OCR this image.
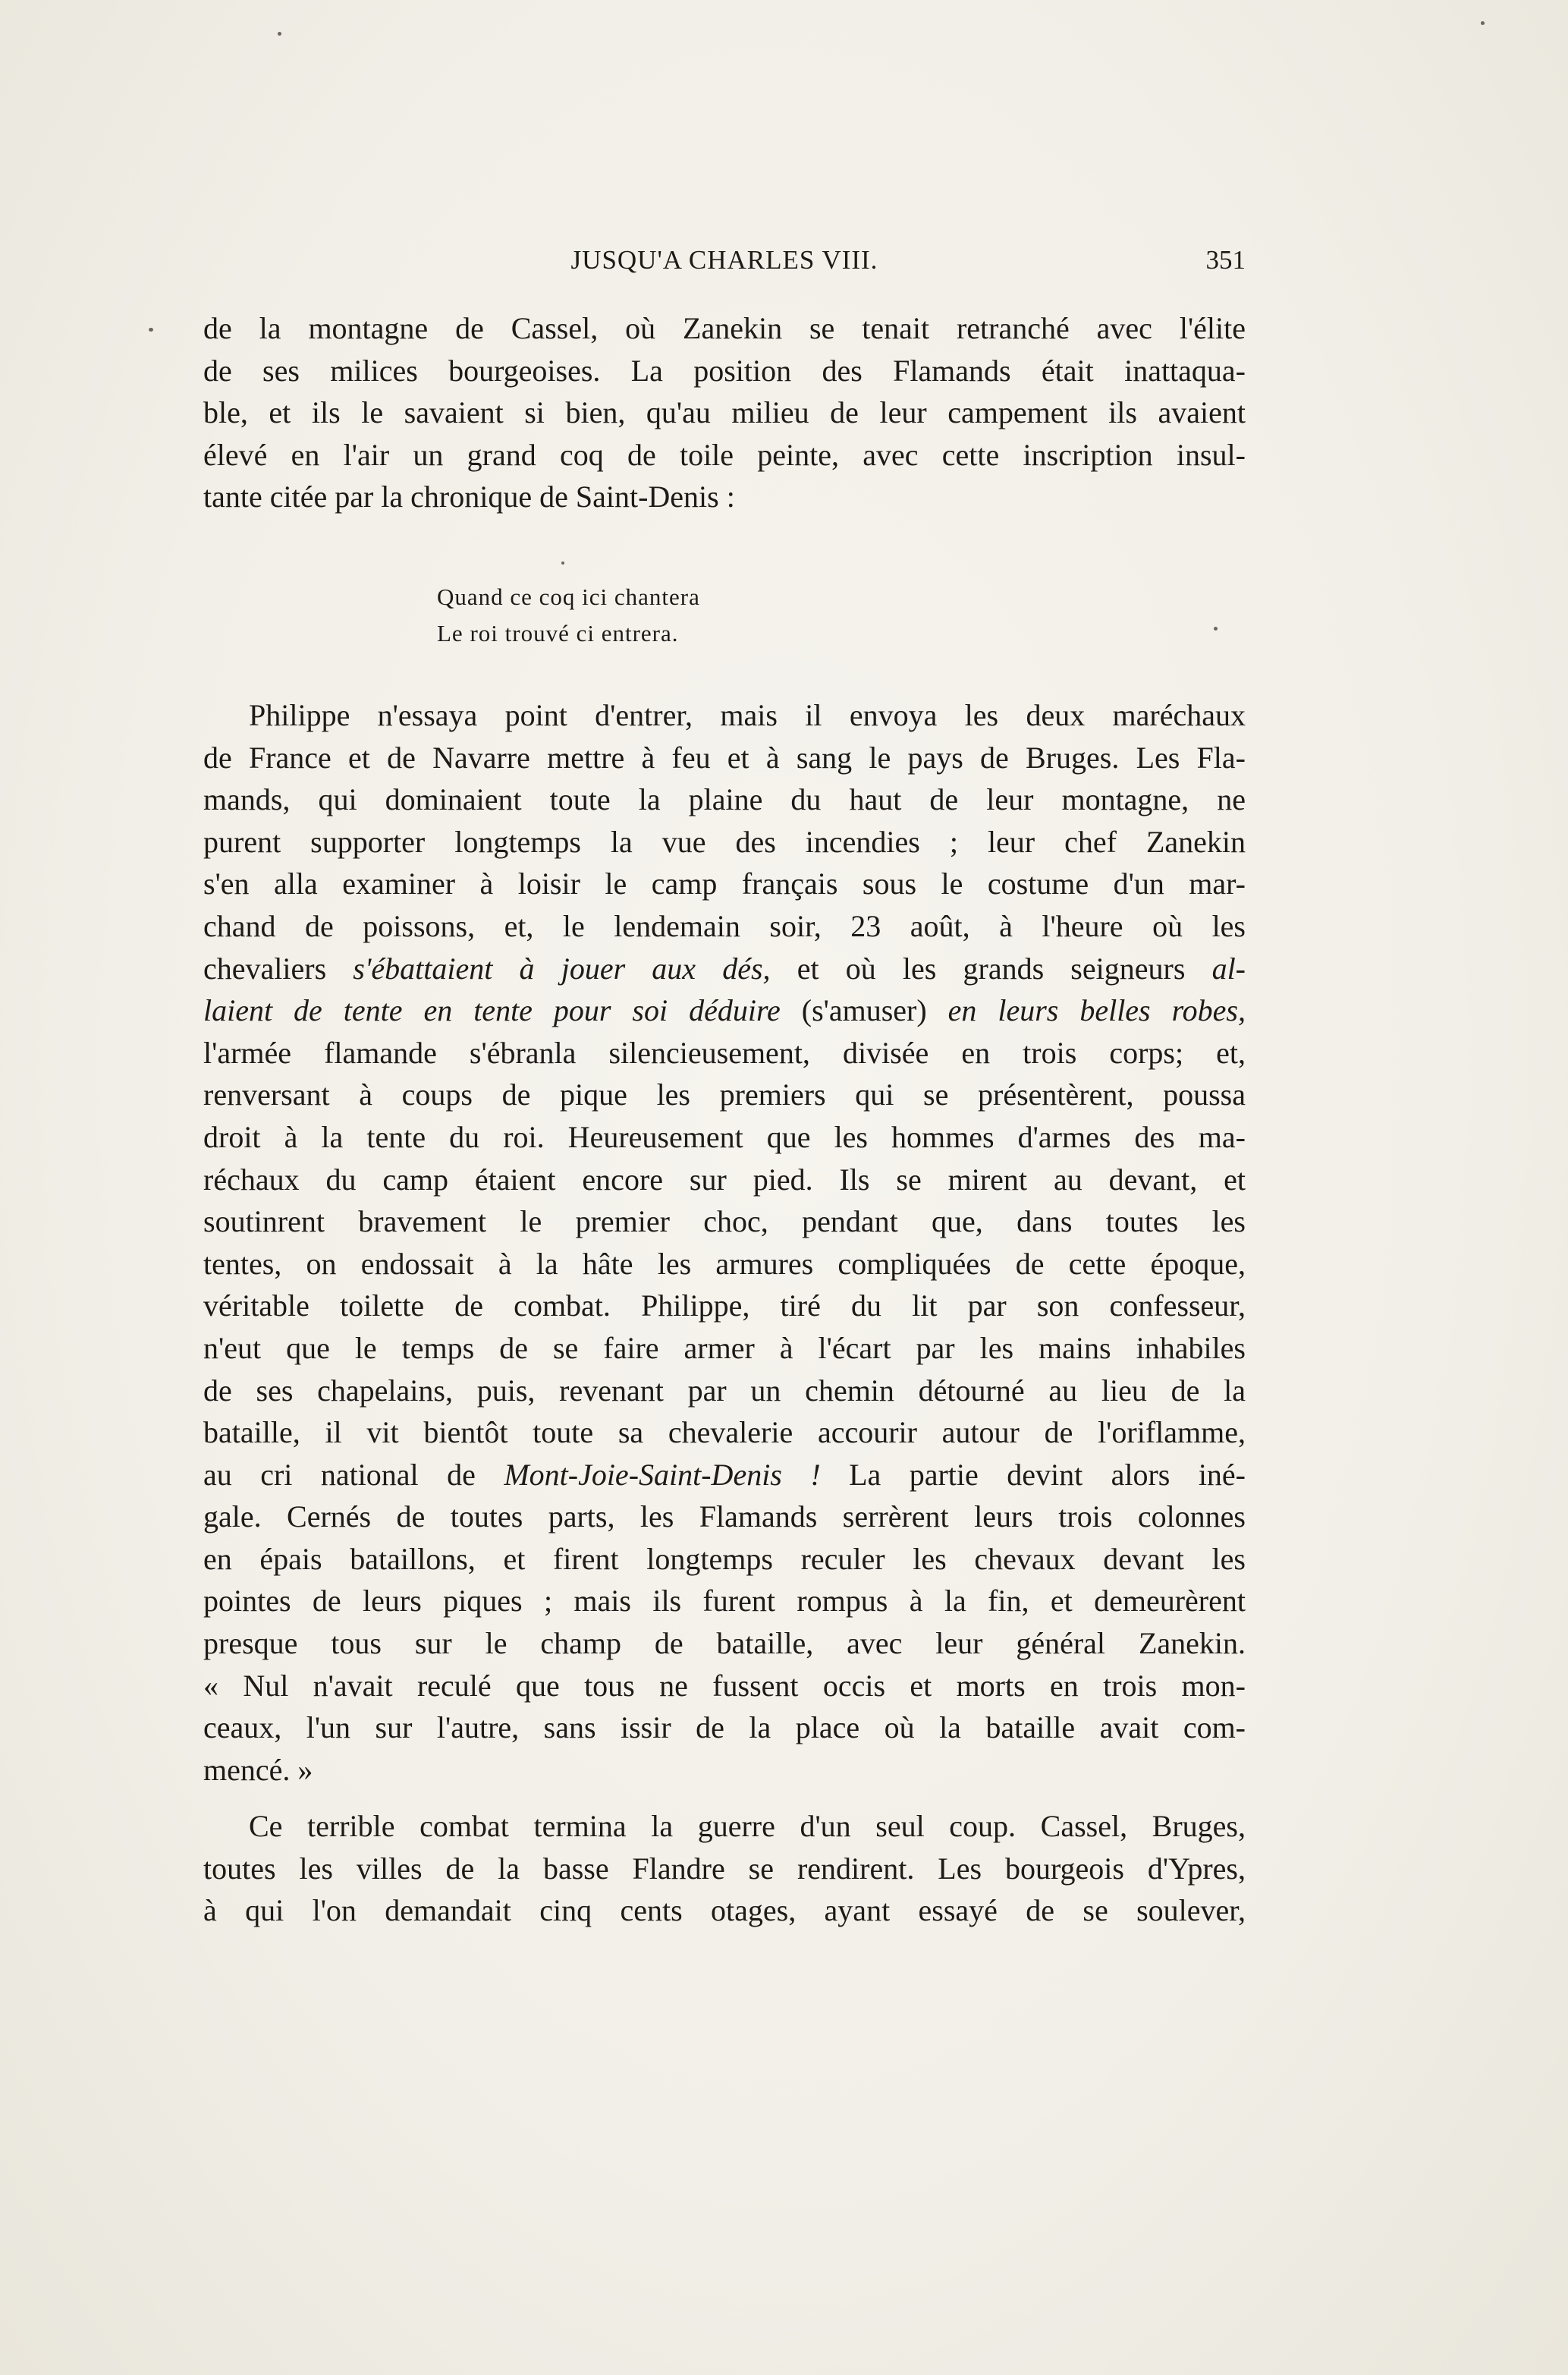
JUSQU'A CHARLES VIII.	351
de la montagne de Cassel, où Zanekin se tenait retranché avec l'élite
de ses milices bourgeoises. La position des Flamands était inattaqua-
ble, et ils le savaient si bien, qu'au milieu de leur campement ils avaient
élevé en l'air un grand coq de toile peinte, avec cette inscription insul-
tante citée par la chronique de Saint-Denis :
Quand ce coq ici chantera
Le roi trouvé ci entrera.
Philippe n'essaya point d'entrer, mais il envoya les deux maréchaux
de France et de Navarre mettre à feu et à sang le pays de Bruges. Les Fla-
mands, qui dominaient toute la plaine du haut de leur montagne, ne
purent supporter longtemps la vue des incendies ; leur chef Zanekin
s'en alla examiner à loisir le camp français sous le costume d'un mar-
chand de poissons, et, le lendemain soir, 23 août, à l'heure où les
chevaliers s'ébattaient à jouer aux dés, et où les grands seigneurs al-
laient de tente en tente pour soi déduire (s'amuser) en leurs belles robes,
l'armée flamande s'ébranla silencieusement, divisée en trois corps; et,
renversant à coups de pique les premiers qui se présentèrent, poussa
droit à la tente du roi. Heureusement que les hommes d'armes des ma-
réchaux du camp étaient encore sur pied. Ils se mirent au devant, et
soutinrent bravement le premier choc, pendant que, dans toutes les
tentes, on endossait à la hâte les armures compliquées de cette époque,
véritable toilette de combat. Philippe, tiré du lit par son confesseur,
n'eut que le temps de se faire armer à l'écart par les mains inhabiles
de ses chapelains, puis, revenant par un chemin détourné au lieu de la
bataille, il vit bientôt toute sa chevalerie accourir autour de l'oriflamme,
au cri national de Mont-Joie-Saint-Denis ! La partie devint alors iné-
gale. Cernés de toutes parts, les Flamands serrèrent leurs trois colonnes
en épais bataillons, et firent longtemps reculer les chevaux devant les
pointes de leurs piques ; mais ils furent rompus à la fin, et demeurèrent
presque tous sur le champ de bataille, avec leur général Zanekin.
« Nul n'avait reculé que tous ne fussent occis et morts en trois mon-
ceaux, l'un sur l'autre, sans issir de la place où la bataille avait com-
mencé. »
Ce terrible combat termina la guerre d'un seul coup. Cassel, Bruges,
toutes les villes de la basse Flandre se rendirent. Les bourgeois d'Ypres,
à qui l'on demandait cinq cents otages, ayant essayé de se soulever,
